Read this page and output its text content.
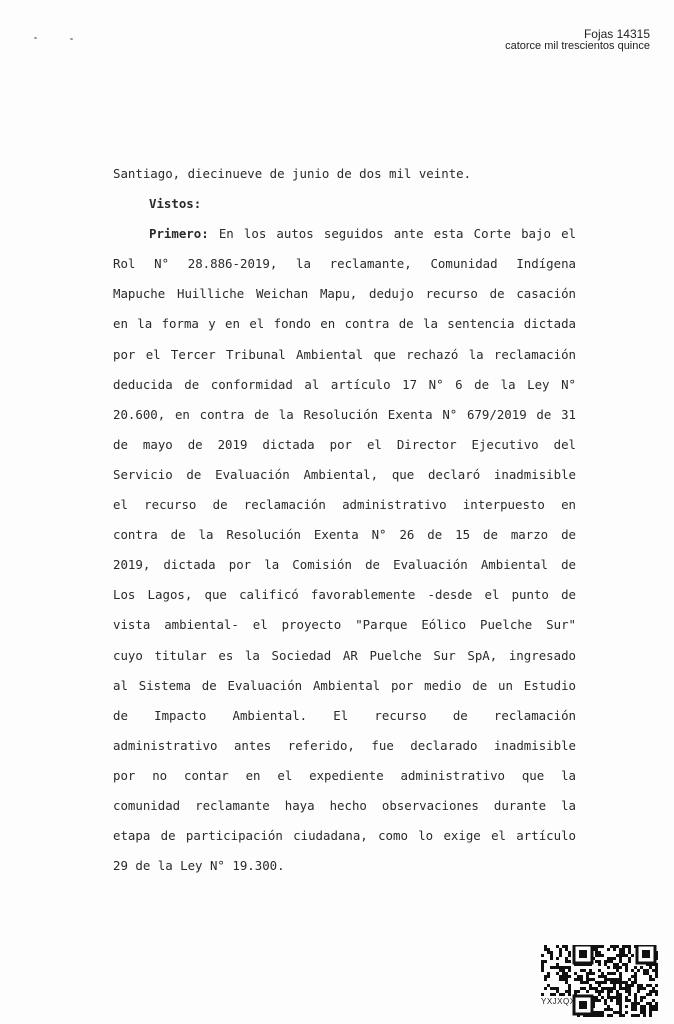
Fojas 14315
catorce mil trescientos quince
Santiago, diecinueve de junio de dos mil veinte.
Vistos:
Primero: En los autos seguidos ante esta Corte bajo el
Rol N° 28.886-2019, la reclamante, Comunidad Indígena
Mapuche Huilliche Weichan Mapu, dedujo recurso de casación
en la forma y en el fondo en contra de la sentencia dictada
por el Tercer Tribunal Ambiental que rechazó la reclamación
deducida de conformidad al artículo 17 N° 6 de la Ley N°
20.600, en contra de la Resolución Exenta N° 679/2019 de 31
de mayo de 2019 dictada por el Director Ejecutivo del
Servicio de Evaluación Ambiental, que declaró inadmisible
el recurso de reclamación administrativo interpuesto en
contra de la Resolución Exenta N° 26 de 15 de marzo de
2019, dictada por la Comisión de Evaluación Ambiental de
Los Lagos, que calificó favorablemente -desde el punto de
vista ambiental- el proyecto "Parque Eólico Puelche Sur"
cuyo titular es la Sociedad AR Puelche Sur SpA, ingresado
al Sistema de Evaluación Ambiental por medio de un Estudio
de Impacto Ambiental. El recurso de reclamación
administrativo antes referido, fue declarado inadmisible
por no contar en el expediente administrativo que la
comunidad reclamante haya hecho observaciones durante la
etapa de participación ciudadana, como lo exige el artículo
29 de la Ley N° 19.300.
YXJXQX
